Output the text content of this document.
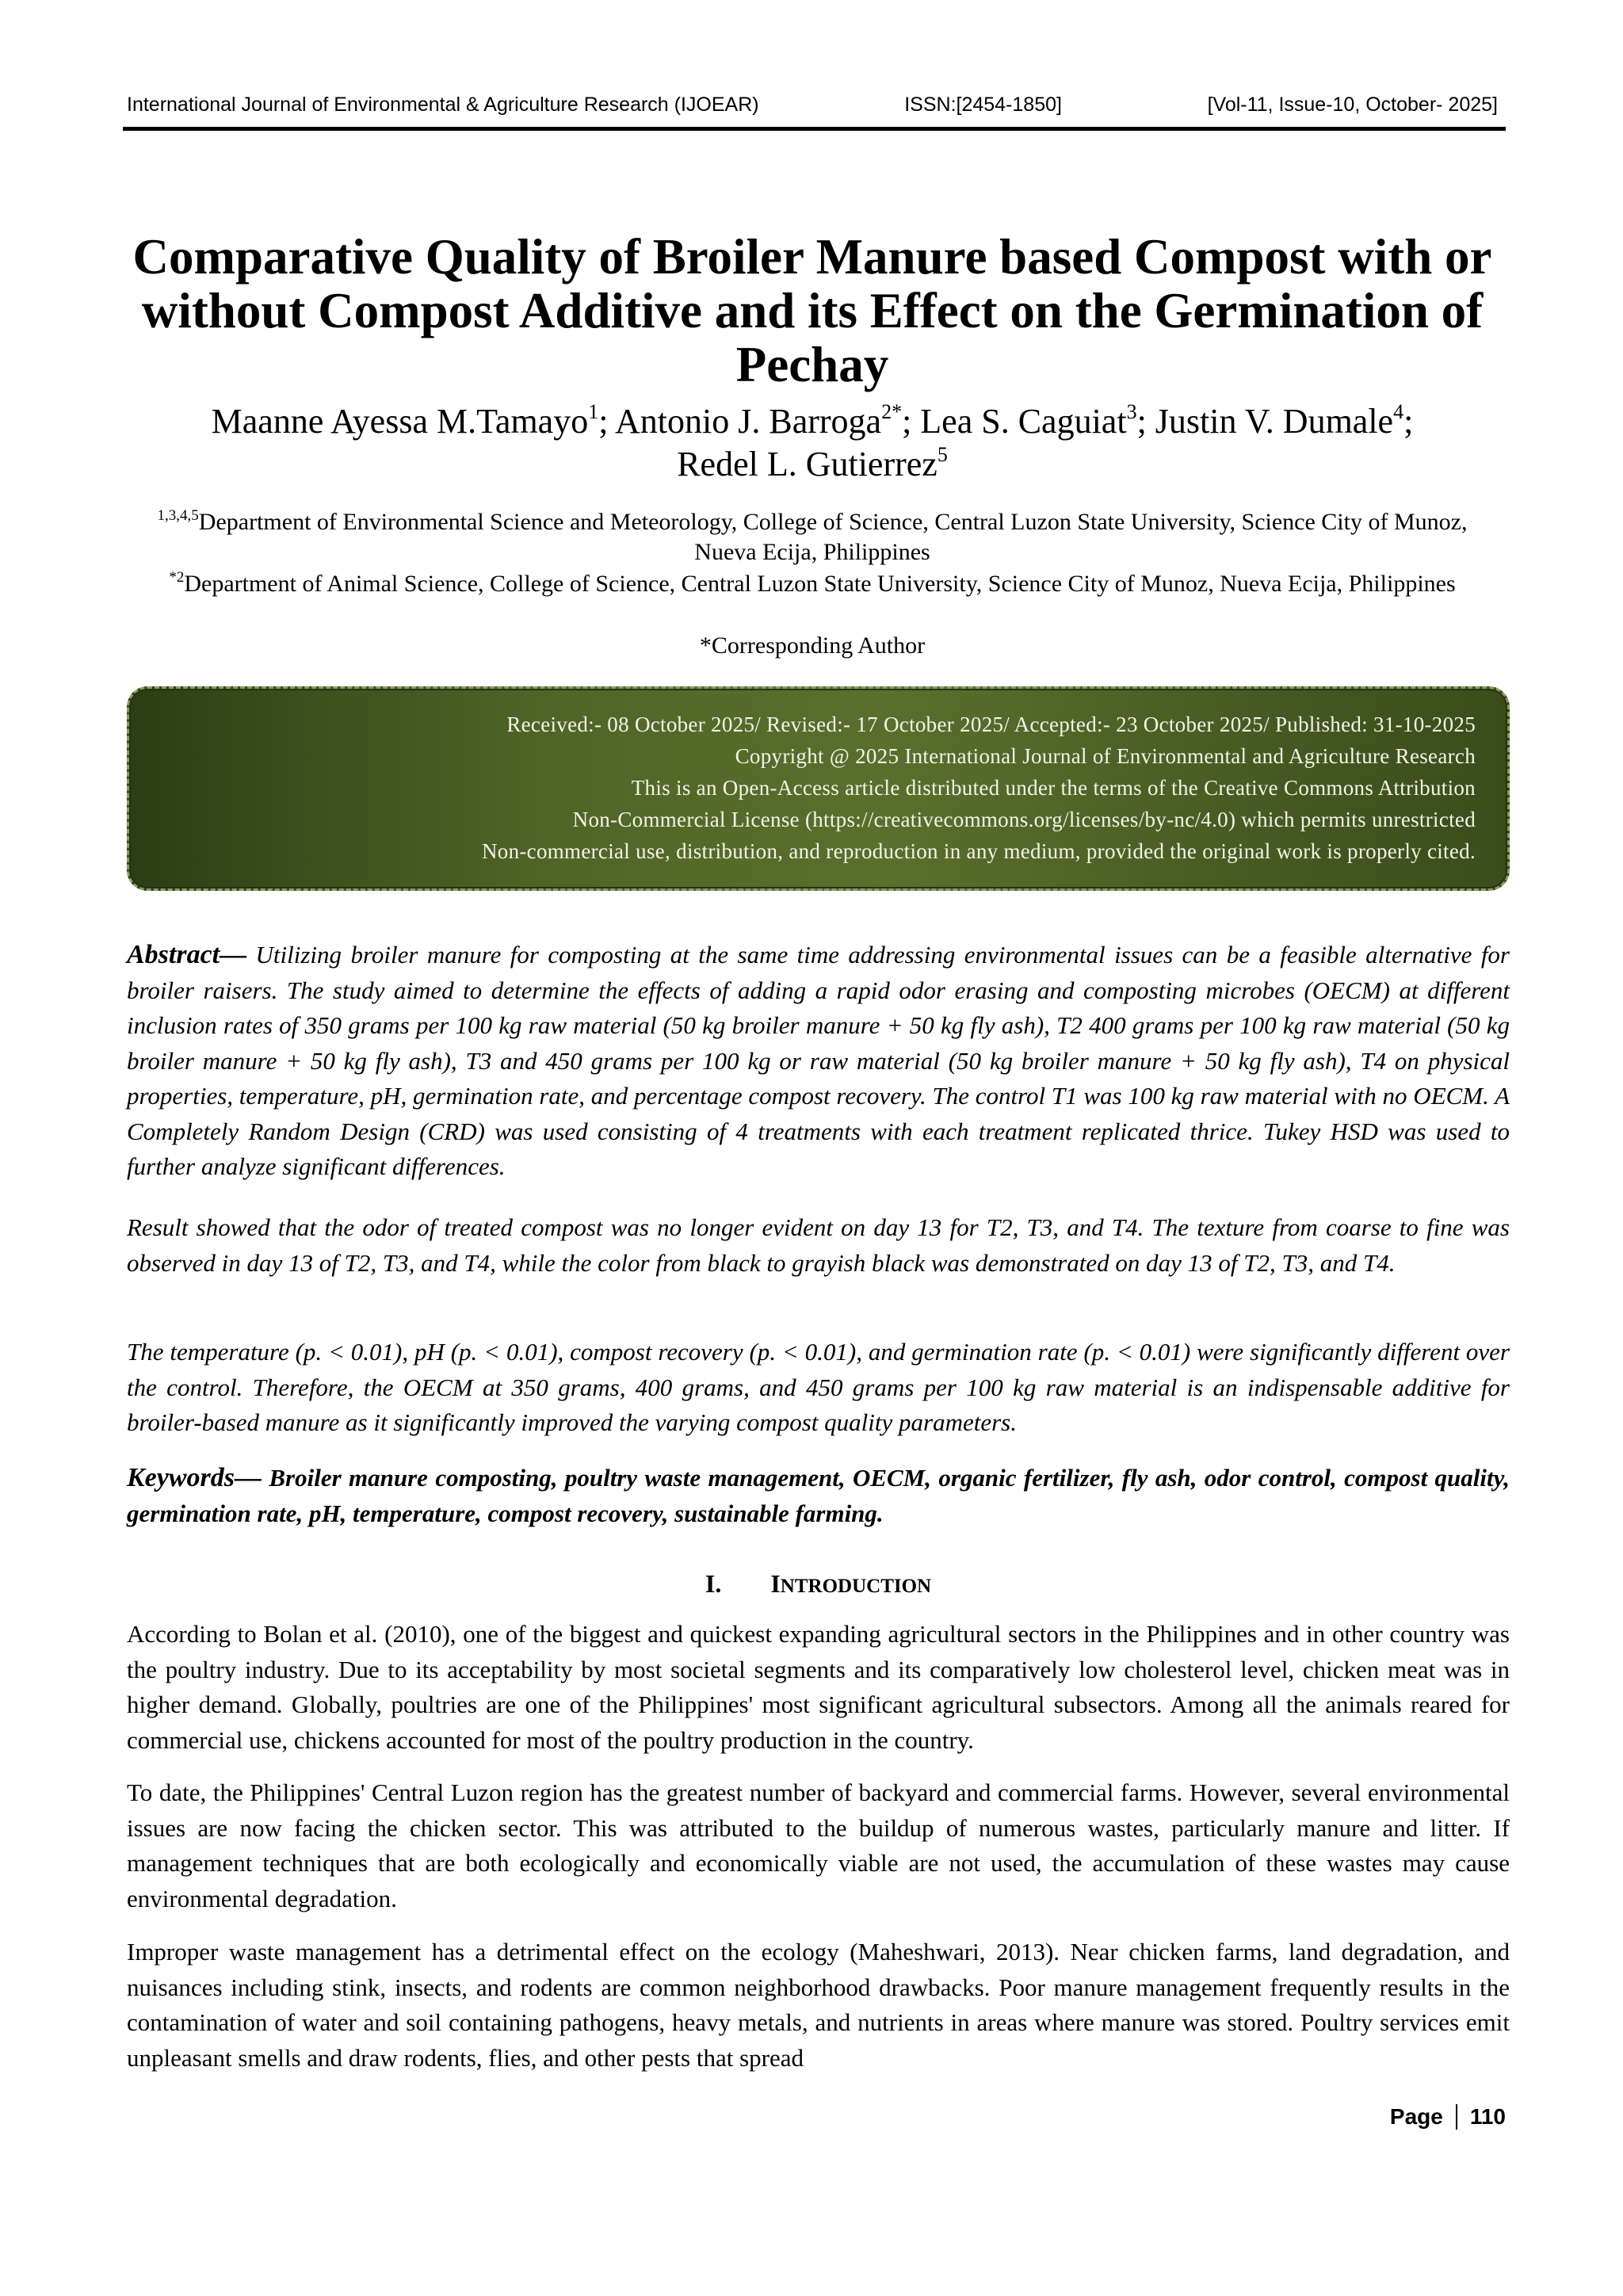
International Journal of Environmental & Agriculture Research (IJOEAR)	ISSN:[2454-1850]	[Vol-11, Issue-10, October- 2025]
Comparative Quality of Broiler Manure based Compost with or without Compost Additive and its Effect on the Germination of Pechay

Maanne Ayessa M.Tamayo$^1$; Antonio J. Barroga$^{2*}$; Lea S. Caguiat$^3$; Justin V. Dumale$^4$;
Redel L. Gutierrez$^5$

$^{1,3,4,5}$Department of Environmental Science and Meteorology, College of Science, Central Luzon State University, Science City of Munoz, Nueva Ecija, Philippines

$^{*2}$Department of Animal Science, College of Science, Central Luzon State University, Science City of Munoz, Nueva Ecija, Philippines

*Corresponding Author

Received:- 08 October 2025/ Revised:- 17 October 2025/ Accepted:- 23 October 2025/ Published: 31-10-2025
Copyright @ 2025 International Journal of Environmental and Agriculture Research
This is an Open-Access article distributed under the terms of the Creative Commons Attribution
Non-Commercial License (https://creativecommons.org/licenses/by-nc/4.0) which permits unrestricted
Non-commercial use, distribution, and reproduction in any medium, provided the original work is properly cited.

Abstract— Utilizing broiler manure for composting at the same time addressing environmental issues can be a feasible alternative for broiler raisers. The study aimed to determine the effects of adding a rapid odor erasing and composting microbes (OECM) at different inclusion rates of 350 grams per 100 kg raw material (50 kg broiler manure + 50 kg fly ash), T2 400 grams per 100 kg raw material (50 kg broiler manure + 50 kg fly ash), T3 and 450 grams per 100 kg or raw material (50 kg broiler manure + 50 kg fly ash), T4 on physical properties, temperature, pH, germination rate, and percentage compost recovery. The control T1 was 100 kg raw material with no OECM. A Completely Random Design (CRD) was used consisting of 4 treatments with each treatment replicated thrice. Tukey HSD was used to further analyze significant differences.

Result showed that the odor of treated compost was no longer evident on day 13 for T2, T3, and T4. The texture from coarse to fine was observed in day 13 of T2, T3, and T4, while the color from black to grayish black was demonstrated on day 13 of T2, T3, and T4.

The temperature (p. < 0.01), pH (p. < 0.01), compost recovery (p. < 0.01), and germination rate (p. < 0.01) were significantly different over the control. Therefore, the OECM at 350 grams, 400 grams, and 450 grams per 100 kg raw material is an indispensable additive for broiler-based manure as it significantly improved the varying compost quality parameters.

Keywords— Broiler manure composting, poultry waste management, OECM, organic fertilizer, fly ash, odor control, compost quality, germination rate, pH, temperature, compost recovery, sustainable farming.

I. INTRODUCTION

According to Bolan et al. (2010), one of the biggest and quickest expanding agricultural sectors in the Philippines and in other country was the poultry industry. Due to its acceptability by most societal segments and its comparatively low cholesterol level, chicken meat was in higher demand. Globally, poultries are one of the Philippines' most significant agricultural subsectors. Among all the animals reared for commercial use, chickens accounted for most of the poultry production in the country.

To date, the Philippines' Central Luzon region has the greatest number of backyard and commercial farms. However, several environmental issues are now facing the chicken sector. This was attributed to the buildup of numerous wastes, particularly manure and litter. If management techniques that are both ecologically and economically viable are not used, the accumulation of these wastes may cause environmental degradation.

Improper waste management has a detrimental effect on the ecology (Maheshwari, 2013). Near chicken farms, land degradation, and nuisances including stink, insects, and rodents are common neighborhood drawbacks. Poor manure management frequently results in the contamination of water and soil containing pathogens, heavy metals, and nutrients in areas where manure was stored. Poultry services emit unpleasant smells and draw rodents, flies, and other pests that spread

Page 110
